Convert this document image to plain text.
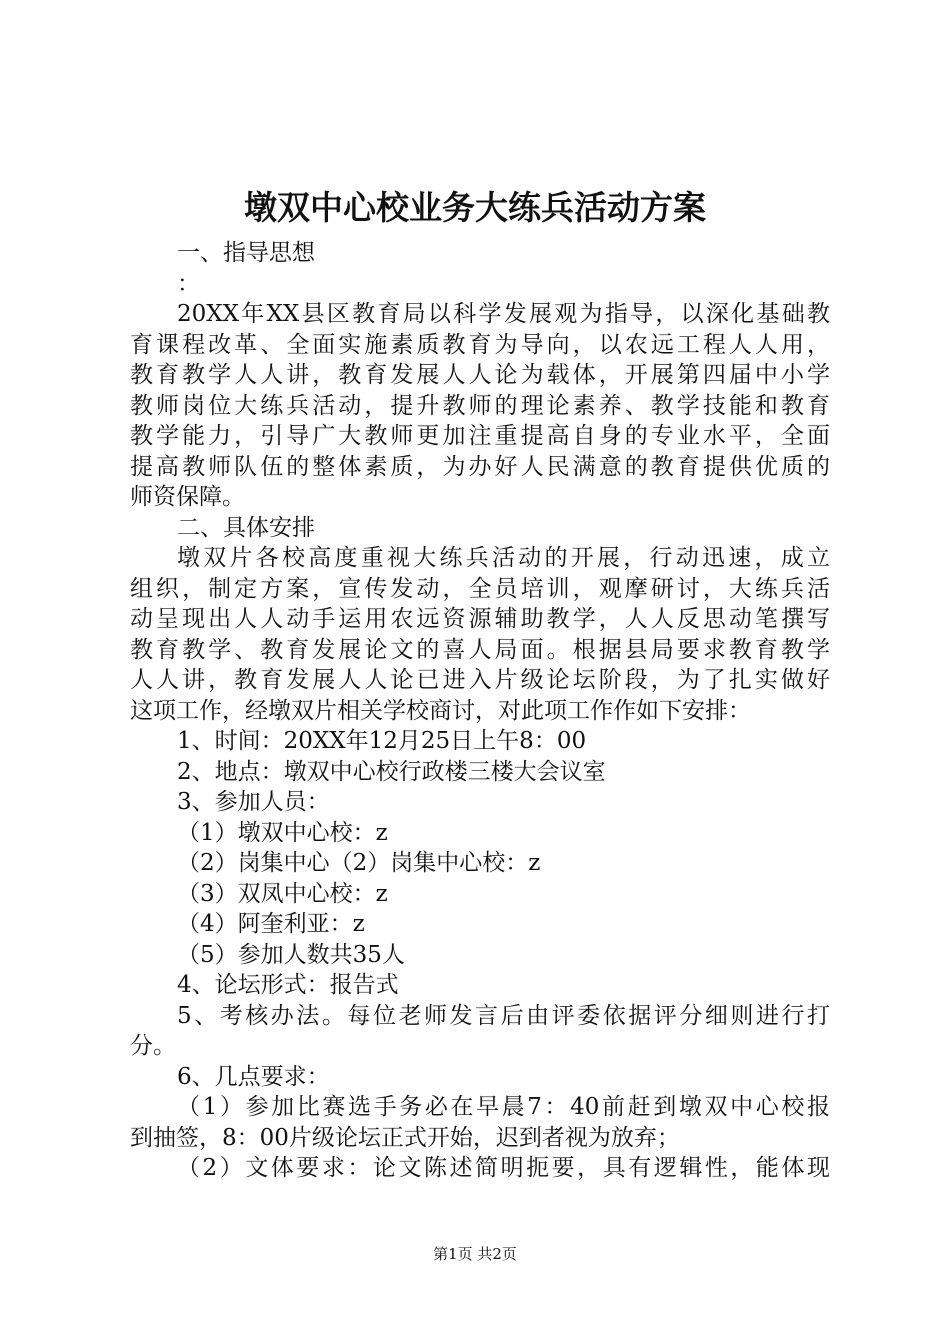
墩双中心校业务大练兵活动方案
一、指导思想
：
20XX年XX县区教育局以科学发展观为指导，以深化基础教
育课程改革、全面实施素质教育为导向，以农远工程人人用，
教育教学人人讲，教育发展人人论为载体，开展第四届中小学
教师岗位大练兵活动，提升教师的理论素养、教学技能和教育
教学能力，引导广大教师更加注重提高自身的专业水平，全面
提高教师队伍的整体素质，为办好人民满意的教育提供优质的
师资保障。
二、具体安排
墩双片各校高度重视大练兵活动的开展，行动迅速，成立
组织，制定方案，宣传发动，全员培训，观摩研讨，大练兵活
动呈现出人人动手运用农远资源辅助教学，人人反思动笔撰写
教育教学、教育发展论文的喜人局面。根据县局要求教育教学
人人讲，教育发展人人论已进入片级论坛阶段，为了扎实做好
这项工作，经墩双片相关学校商讨，对此项工作作如下安排：
1、时间：20XX年12月25日上午8：00
2、地点：墩双中心校行政楼三楼大会议室
3、参加人员：
（1）墩双中心校：z
（2）岗集中心（2）岗集中心校：z
（3）双凤中心校：z
（4）阿奎利亚：z
（5）参加人数共35人
4、论坛形式：报告式
5、考核办法。每位老师发言后由评委依据评分细则进行打
分。
6、几点要求：
（1）参加比赛选手务必在早晨7：40前赶到墩双中心校报
到抽签，8：00片级论坛正式开始，迟到者视为放弃；
（2）文体要求：论文陈述简明扼要，具有逻辑性，能体现
第1页 共2页
